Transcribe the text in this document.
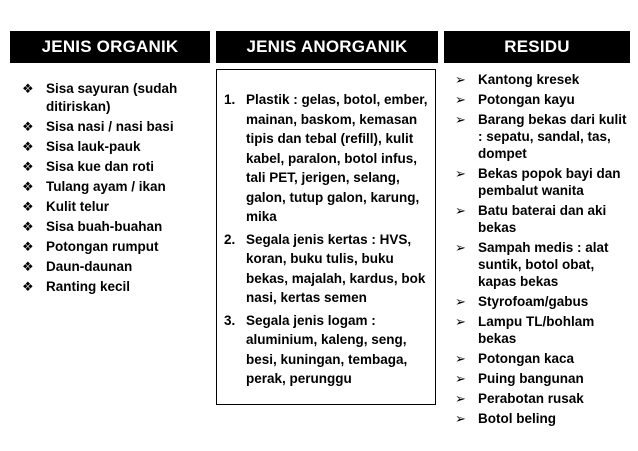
JENIS ORGANIK	JENIS ANORGANIK	RESIDU
❖ Sisa sayuran (sudah ditiriskan)
❖ Sisa nasi / nasi basi
❖ Sisa lauk-pauk
❖ Sisa kue dan roti
❖ Tulang ayam / ikan
❖ Kulit telur
❖ Sisa buah-buahan
❖ Potongan rumput
❖ Daun-daunan
❖ Ranting kecil
1. Plastik : gelas, botol, ember, mainan, baskom, kemasan tipis dan tebal (refill), kulit kabel, paralon, botol infus, tali PET, jerigen, selang, galon, tutup galon, karung, mika
2. Segala jenis kertas : HVS, koran, buku tulis, buku bekas, majalah, kardus, bok nasi, kertas semen
3. Segala jenis logam : aluminium, kaleng, seng, besi, kuningan, tembaga, perak, perunggu
➢ Kantong kresek
➢ Potongan kayu
➢ Barang bekas dari kulit : sepatu, sandal, tas, dompet
➢ Bekas popok bayi dan pembalut wanita
➢ Batu baterai dan aki bekas
➢ Sampah medis : alat suntik, botol obat, kapas bekas
➢ Styrofoam/gabus
➢ Lampu TL/bohlam bekas
➢ Potongan kaca
➢ Puing bangunan
➢ Perabotan rusak
➢ Botol beling
